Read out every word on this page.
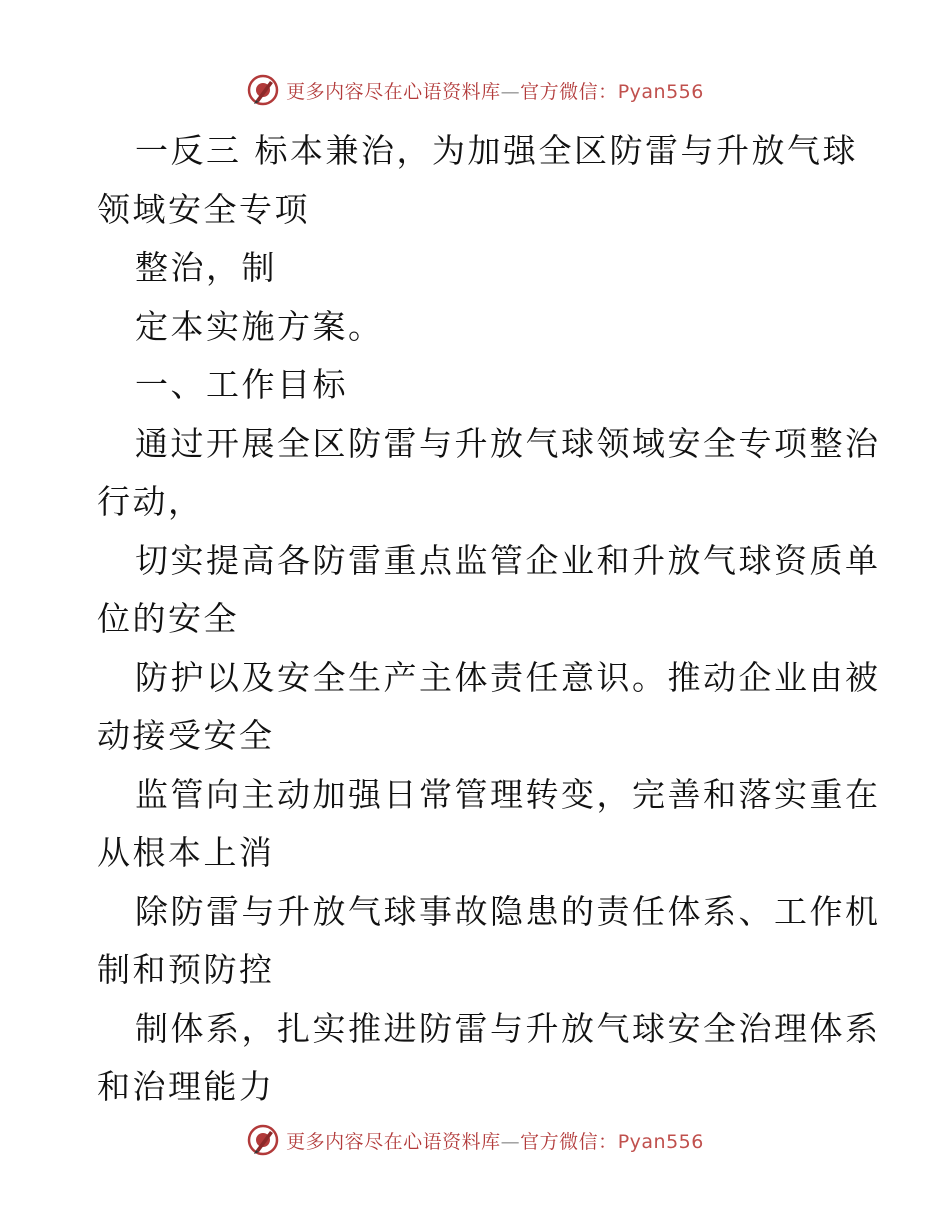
更多内容尽在心语资料库—官方微信：Pyan556

一反三 标本兼治，为加强全区防雷与升放气球

领域安全专项

整治，制

定本实施方案。

一、工作目标

通过开展全区防雷与升放气球领域安全专项整治

行动，

切实提高各防雷重点监管企业和升放气球资质单

位的安全

防护以及安全生产主体责任意识。推动企业由被

动接受安全

监管向主动加强日常管理转变，完善和落实重在

从根本上消

除防雷与升放气球事故隐患的责任体系、工作机

制和预防控

制体系，扎实推进防雷与升放气球安全治理体系

和治理能力

更多内容尽在心语资料库—官方微信：Pyan556
